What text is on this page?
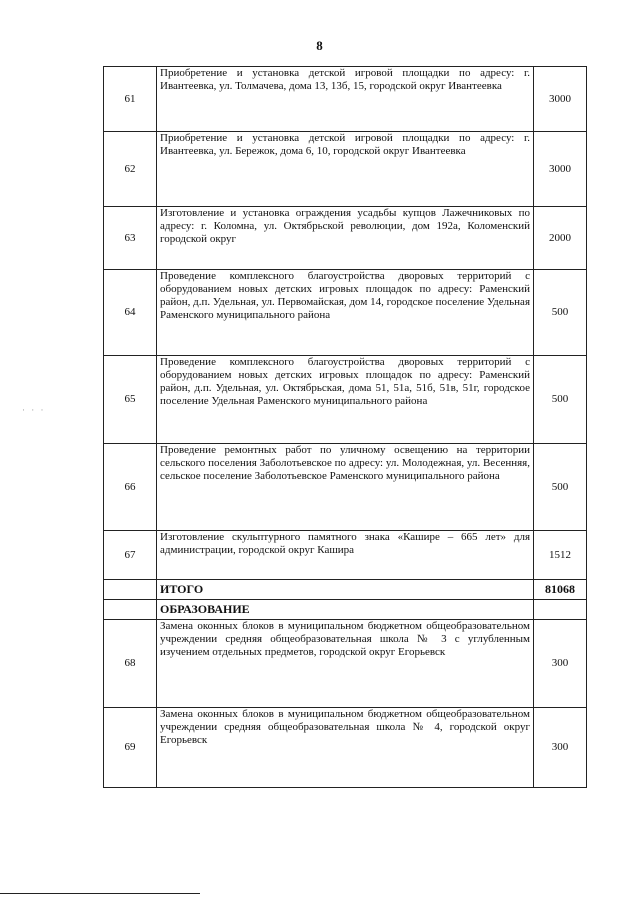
8
· · ·
61	Приобретение и установка детской игровой площадки по адресу: г. Ивантеевка, ул. Толмачева, дома 13, 13б, 15, городской округ Ивантеевка	3000
62	Приобретение и установка детской игровой площадки по адресу: г. Ивантеевка, ул. Бережок, дома 6, 10, городской округ Ивантеевка	3000
63	Изготовление и установка ограждения усадьбы купцов Лажечниковых по адресу: г. Коломна, ул. Октябрьской революции, дом 192а, Коломенский городской округ	2000
64	Проведение комплексного благоустройства дворовых территорий с оборудованием новых детских игровых площадок по адресу: Раменский район, д.п. Удельная, ул. Первомайская, дом 14, городское поселение Удельная Раменского муниципального района	500
65	Проведение комплексного благоустройства дворовых территорий с оборудованием новых детских игровых площадок по адресу: Раменский район, д.п. Удельная, ул. Октябрьская, дома 51, 51а, 51б, 51в, 51г, городское поселение Удельная Раменского муниципального района	500
66	Проведение ремонтных работ по уличному освещению на территории сельского поселения Заболотьевское по адресу: ул. Молодежная, ул. Весенняя, сельское поселение Заболотьевское Раменского муниципального района	500
67	Изготовление скульптурного памятного знака «Кашире – 665 лет» для администрации, городской округ Кашира	1512
	ИТОГО	81068
	ОБРАЗОВАНИЕ	
68	Замена оконных блоков в муниципальном бюджетном общеобразовательном учреждении средняя общеобразовательная школа № 3 с углубленным изучением отдельных предметов, городской округ Егорьевск	300
69	Замена оконных блоков в муниципальном бюджетном общеобразовательном учреждении средняя общеобразовательная школа № 4, городской округ Егорьевск	300
